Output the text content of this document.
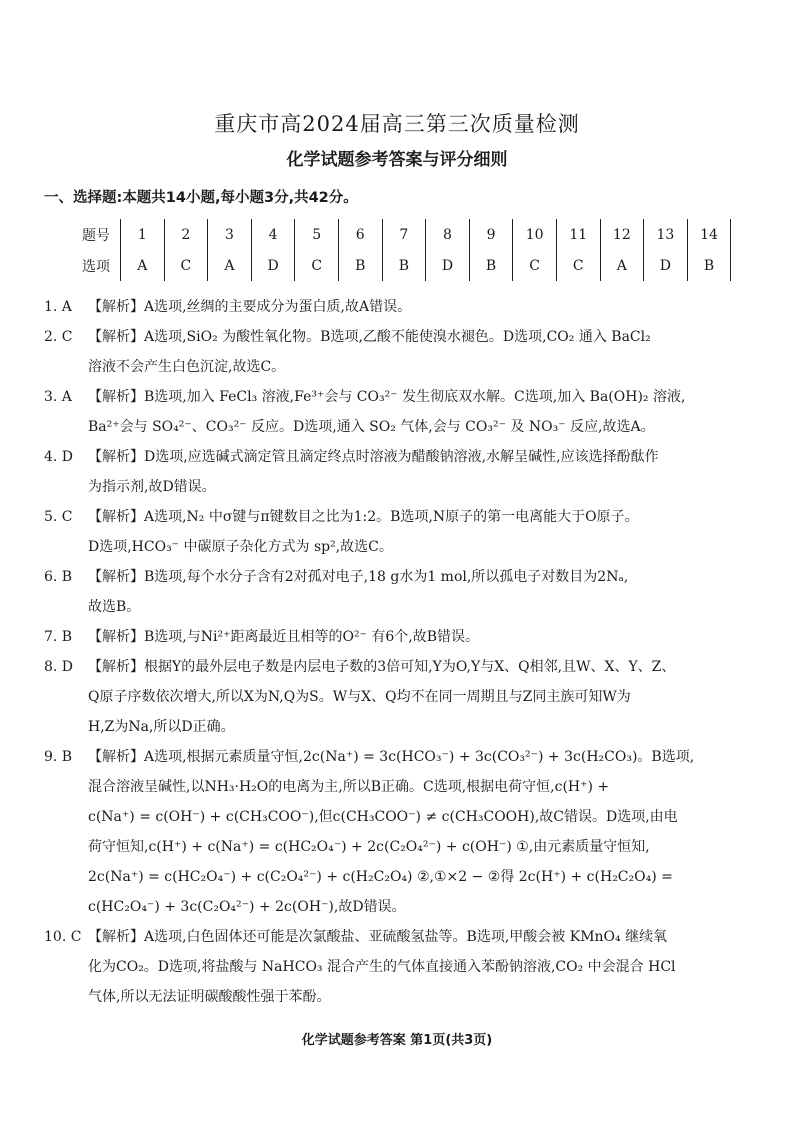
重庆市高2024届高三第三次质量检测
化学试题参考答案与评分细则
一、选择题:本题共14小题,每小题3分,共42分。
题号	1	2	3	4	5	6	7	8	9	10	11	12	13	14
选项	A	C	A	D	C	B	B	D	B	C	C	A	D	B
1. A 【解析】A选项,丝绸的主要成分为蛋白质,故A错误。
2. C 【解析】A选项,SiO₂ 为酸性氧化物。B选项,乙酸不能使溴水褪色。D选项,CO₂ 通入 BaCl₂
溶液不会产生白色沉淀,故选C。
3. A 【解析】B选项,加入 FeCl₃ 溶液,Fe³⁺会与 CO₃²⁻ 发生彻底双水解。C选项,加入 Ba(OH)₂ 溶液,
Ba²⁺会与 SO₄²⁻、CO₃²⁻ 反应。D选项,通入 SO₂ 气体,会与 CO₃²⁻ 及 NO₃⁻ 反应,故选A。
4. D 【解析】D选项,应选碱式滴定管且滴定终点时溶液为醋酸钠溶液,水解呈碱性,应该选择酚酞作
为指示剂,故D错误。
5. C 【解析】A选项,N₂ 中σ键与π键数目之比为1:2。B选项,N原子的第一电离能大于O原子。
D选项,HCO₃⁻ 中碳原子杂化方式为 sp²,故选C。
6. B 【解析】B选项,每个水分子含有2对孤对电子,18 g水为1 mol,所以孤电子对数目为2Nₐ,
故选B。
7. B 【解析】B选项,与Ni²⁺距离最近且相等的O²⁻ 有6个,故B错误。
8. D 【解析】根据Y的最外层电子数是内层电子数的3倍可知,Y为O,Y与X、Q相邻,且W、X、Y、Z、
Q原子序数依次增大,所以X为N,Q为S。W与X、Q均不在同一周期且与Z同主族可知W为
H,Z为Na,所以D正确。
9. B 【解析】A选项,根据元素质量守恒,2c(Na⁺) = 3c(HCO₃⁻) + 3c(CO₃²⁻) + 3c(H₂CO₃)。B选项,
混合溶液呈碱性,以NH₃·H₂O的电离为主,所以B正确。C选项,根据电荷守恒,c(H⁺) +
c(Na⁺) = c(OH⁻) + c(CH₃COO⁻),但c(CH₃COO⁻) ≠ c(CH₃COOH),故C错误。D选项,由电
荷守恒知,c(H⁺) + c(Na⁺) = c(HC₂O₄⁻) + 2c(C₂O₄²⁻) + c(OH⁻) ①,由元素质量守恒知,
2c(Na⁺) = c(HC₂O₄⁻) + c(C₂O₄²⁻) + c(H₂C₂O₄) ②,①×2 − ②得 2c(H⁺) + c(H₂C₂O₄) =
c(HC₂O₄⁻) + 3c(C₂O₄²⁻) + 2c(OH⁻),故D错误。
10. C 【解析】A选项,白色固体还可能是次氯酸盐、亚硫酸氢盐等。B选项,甲酸会被 KMnO₄ 继续氧
化为CO₂。D选项,将盐酸与 NaHCO₃ 混合产生的气体直接通入苯酚钠溶液,CO₂ 中会混合 HCl
气体,所以无法证明碳酸酸性强于苯酚。
化学试题参考答案 第1页(共3页)
